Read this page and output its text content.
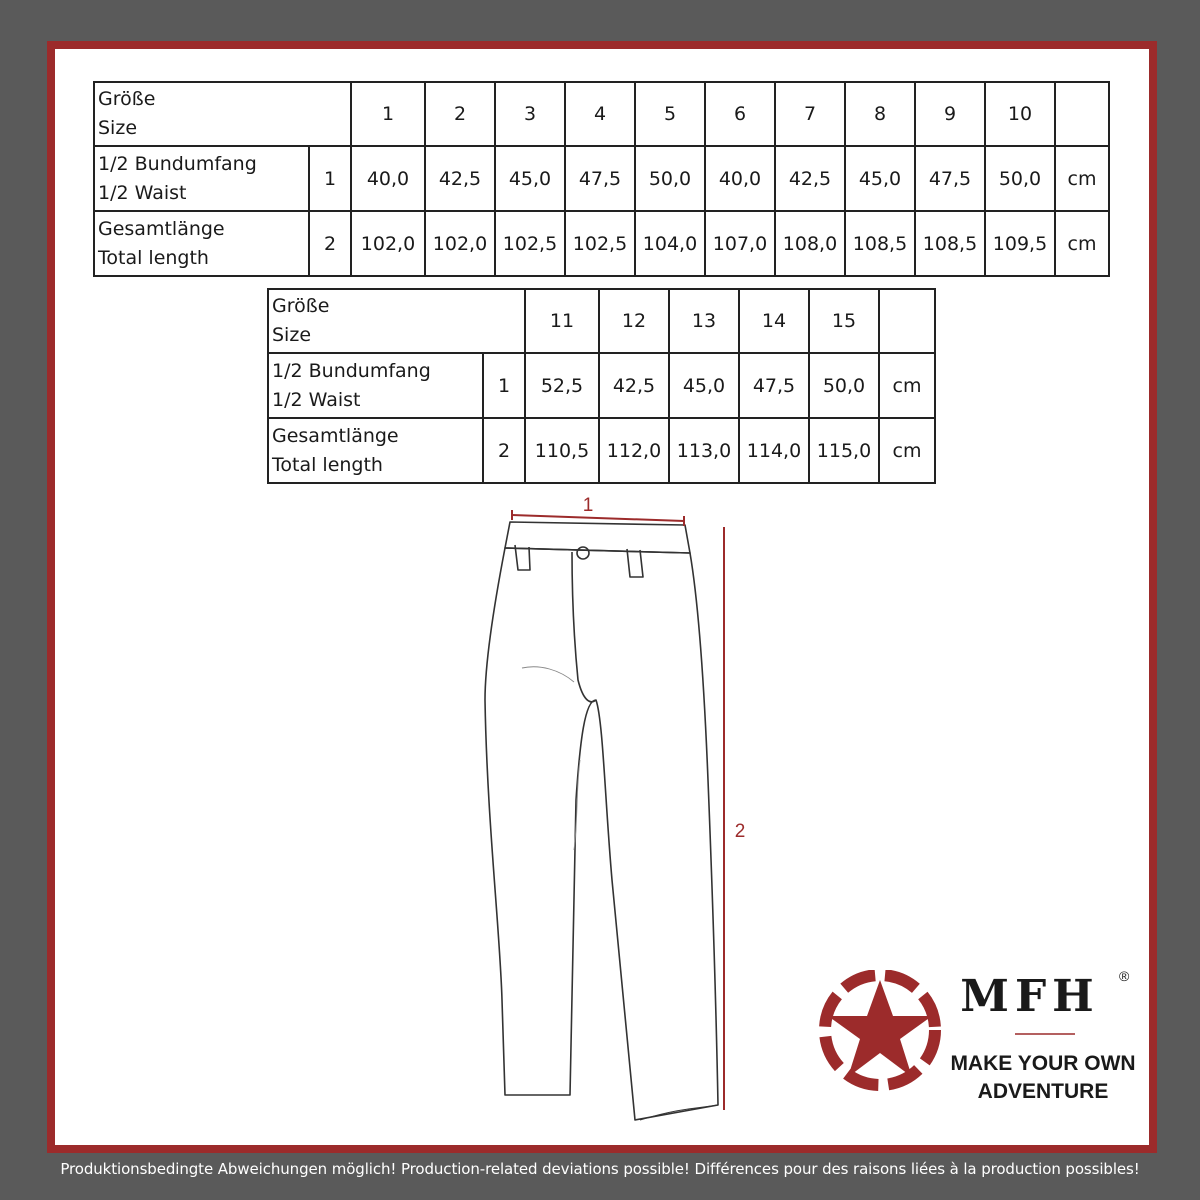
Größe
Size		1	2	3	4	5	6	7	8	9	10	

1/2 Bundumfang
1/2 Waist	1	40,0	42,5	45,0	47,5	50,0	40,0	42,5	45,0	47,5	50,0	cm

Gesamtlänge
Total length	2	102,0	102,0	102,5	102,5	104,0	107,0	108,0	108,5	108,5	109,5	cm
Größe
Size		11	12	13	14	15	

1/2 Bundumfang
1/2 Waist	1	52,5	42,5	45,0	47,5	50,0	cm

Gesamtlänge
Total length	2	110,5	112,0	113,0	114,0	115,0	cm
1
2
MFH ®
MAKE YOUR OWN
ADVENTURE
Produktionsbedingte Abweichungen möglich! Production-related deviations possible! Différences pour des raisons liées à la production possibles!
